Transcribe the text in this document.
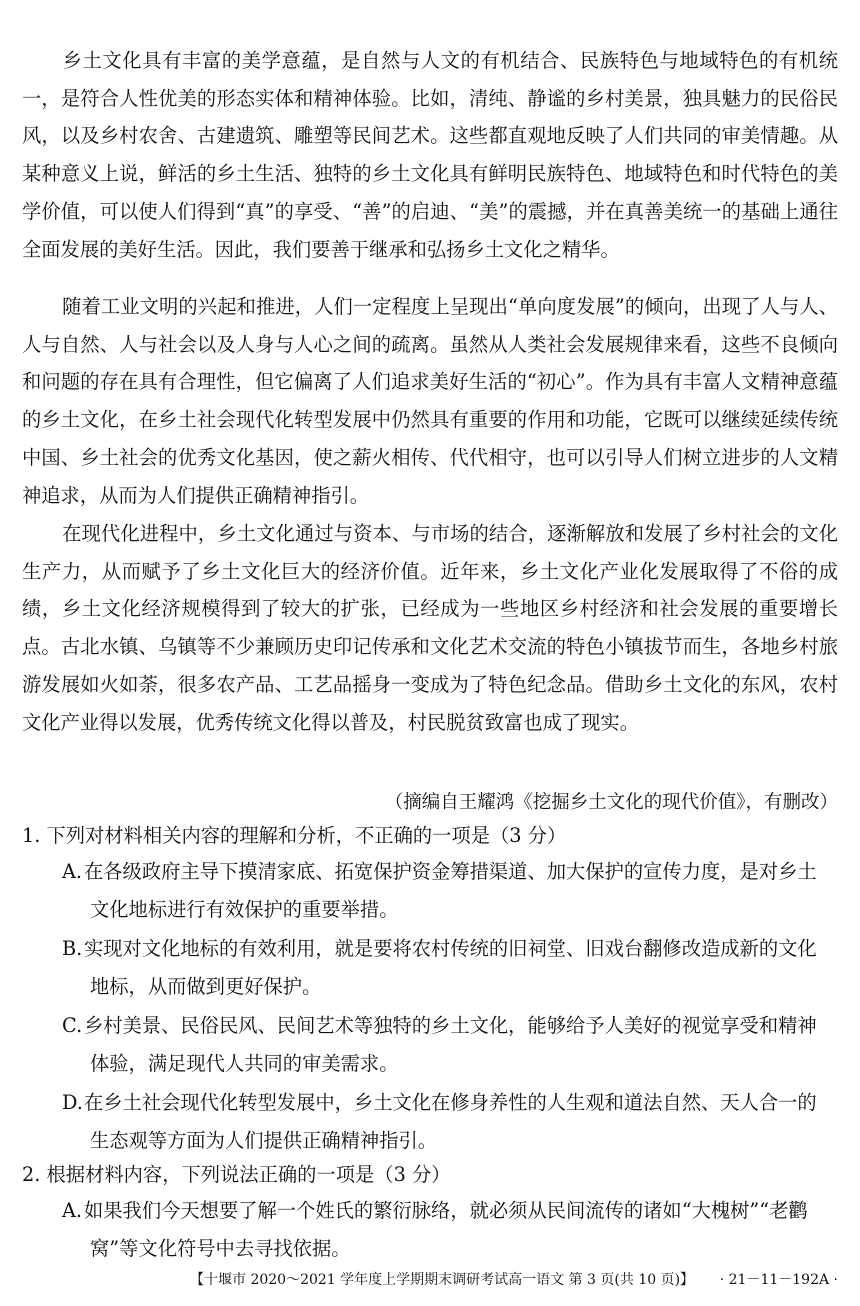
乡土文化具有丰富的美学意蕴，是自然与人文的有机结合、民族特色与地域特色的有机统一，是符合人性优美的形态实体和精神体验。比如，清纯、静谧的乡村美景，独具魅力的民俗民风，以及乡村农舍、古建遗筑、雕塑等民间艺术。这些都直观地反映了人们共同的审美情趣。从某种意义上说，鲜活的乡土生活、独特的乡土文化具有鲜明民族特色、地域特色和时代特色的美学价值，可以使人们得到“真”的享受、“善”的启迪、“美”的震撼，并在真善美统一的基础上通往全面发展的美好生活。因此，我们要善于继承和弘扬乡土文化之精华。

随着工业文明的兴起和推进，人们一定程度上呈现出“单向度发展”的倾向，出现了人与人、人与自然、人与社会以及人身与人心之间的疏离。虽然从人类社会发展规律来看，这些不良倾向和问题的存在具有合理性，但它偏离了人们追求美好生活的“初心”。作为具有丰富人文精神意蕴的乡土文化，在乡土社会现代化转型发展中仍然具有重要的作用和功能，它既可以继续延续传统中国、乡土社会的优秀文化基因，使之薪火相传、代代相守，也可以引导人们树立进步的人文精神追求，从而为人们提供正确精神指引。

在现代化进程中，乡土文化通过与资本、与市场的结合，逐渐解放和发展了乡村社会的文化生产力，从而赋予了乡土文化巨大的经济价值。近年来，乡土文化产业化发展取得了不俗的成绩，乡土文化经济规模得到了较大的扩张，已经成为一些地区乡村经济和社会发展的重要增长点。古北水镇、乌镇等不少兼顾历史印记传承和文化艺术交流的特色小镇拔节而生，各地乡村旅游发展如火如荼，很多农产品、工艺品摇身一变成为了特色纪念品。借助乡土文化的东风，农村文化产业得以发展，优秀传统文化得以普及，村民脱贫致富也成了现实。

（摘编自王耀鸿《挖掘乡土文化的现代价值》，有删改）

1. 下列对材料相关内容的理解和分析，不正确的一项是（3 分）

A. 在各级政府主导下摸清家底、拓宽保护资金筹措渠道、加大保护的宣传力度，是对乡土
文化地标进行有效保护的重要举措。
B. 实现对文化地标的有效利用，就是要将农村传统的旧祠堂、旧戏台翻修改造成新的文化
地标，从而做到更好保护。
C. 乡村美景、民俗民风、民间艺术等独特的乡土文化，能够给予人美好的视觉享受和精神
体验，满足现代人共同的审美需求。
D. 在乡土社会现代化转型发展中，乡土文化在修身养性的人生观和道法自然、天人合一的
生态观等方面为人们提供正确精神指引。

2. 根据材料内容，下列说法正确的一项是（3 分）

A. 如果我们今天想要了解一个姓氏的繁衍脉络，就必须从民间流传的诸如“大槐树”“老鹳
窝”等文化符号中去寻找依据。
【十堰市 2020～2021 学年度上学期期末调研考试高一语文 第 3 页(共 10 页)】 · 21－11－192A ·
